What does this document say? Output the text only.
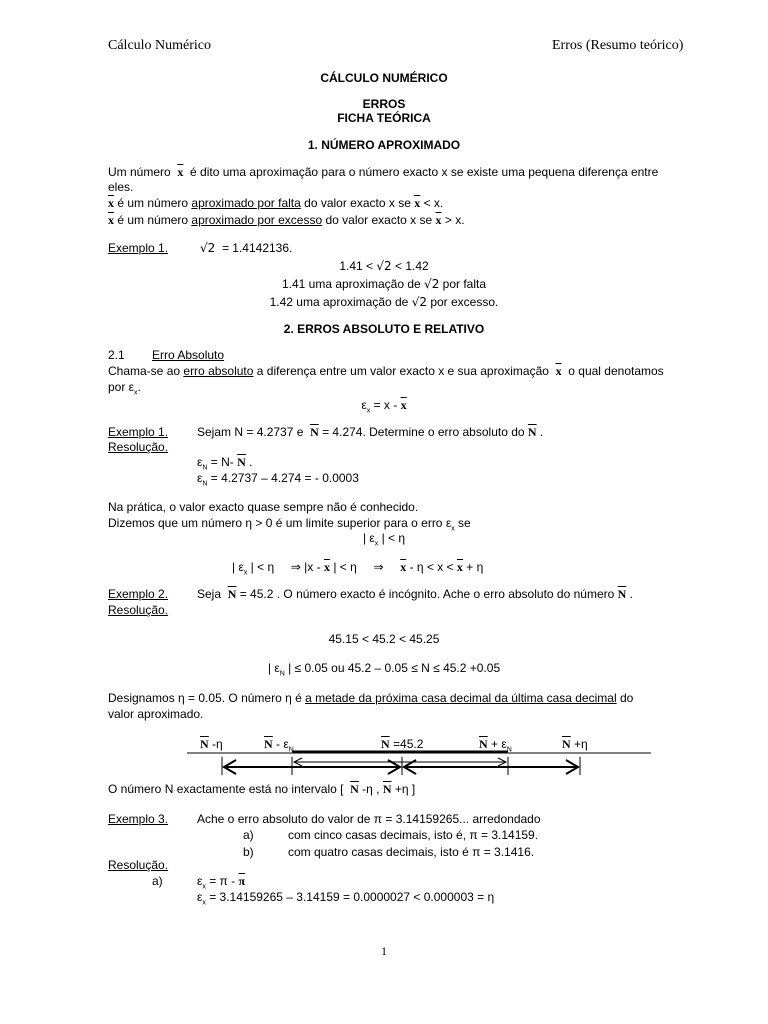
Cálculo Numérico	Erros (Resumo teórico)
CÁLCULO NUMÉRICO
ERROS
FICHA TEÓRICA
1. NÚMERO APROXIMADO
Um número $\overline{x}$ é dito uma aproximação para o número exacto x se existe uma pequena diferença entre
eles.
$\overline{x}$ é um número aproximado por falta do valor exacto x se $\overline{x} < x$.
$\overline{x}$ é um número aproximado por excesso do valor exacto x se $\overline{x} > x$.
Exemplo 1.	√2 = 1.4142136.
1.41 < √2 < 1.42
1.41 uma aproximação de √2 por falta
1.42 uma aproximação de √2 por excesso.
2. ERROS ABSOLUTO E RELATIVO
2.1 Erro Absoluto
Chama-se ao erro absoluto a diferença entre um valor exacto x e sua aproximação $\overline{x}$ o qual denotamos
por $\varepsilon_x$.
$\varepsilon_x = x - \overline{x}$
Exemplo 1. Sejam N = 4.2737 e $\overline{N} = 4.274$. Determine o erro absoluto do $\overline{N}$ .
Resolução.
$\varepsilon_N = N-$ $\overline{N}$ .
$\varepsilon_N = 4.2737 - 4.274$ = - 0.0003
Na prática, o valor exacto quase sempre não é conhecido.
Dizemos que um número η > 0 é um limite superior para o erro $\varepsilon_x$ se
| $\varepsilon_x$ | < η
| $\varepsilon_x$ | < η ⇒ $|x - \overline{x}$ | < η ⇒ $\overline{x} - \eta < x < \overline{x} + \eta$
Exemplo 2. Seja $\overline{N} = 45.2$ . O número exacto é incógnito. Ache o erro absoluto do número $\overline{N}$ .
Resolução.
45.15 < 45.2 < 45.25
| $\varepsilon_N$ | ≤ 0.05 ou 45.2 – 0.05 ≤ N ≤ 45.2 +0.05
Designamos η = 0.05. O número η é a metade da próxima casa decimal da última casa decimal do
valor aproximado.
$\overline{N}$ -η	$\overline{N} - \varepsilon_N$	$\overline{N} =45.2$	$\overline{N} + \varepsilon_N$	$\overline{N} +\eta$
O número N exactamente está no intervalo [ $\overline{N}$ -η , $\overline{N} +\eta$ ]
Exemplo 3. Ache o erro absoluto do valor de π = 3.14159265... arredondado
a)	com cinco casas decimais, isto é, π = 3.14159.
b)	com quatro casas decimais, isto é π = 3.1416.
Resolução.
a)	$\varepsilon_x = \pi - \overline{\pi}$
$\varepsilon_x = 3.14159265 - 3.14159 = 0.0000027 < 0.000003 = \eta$
1
